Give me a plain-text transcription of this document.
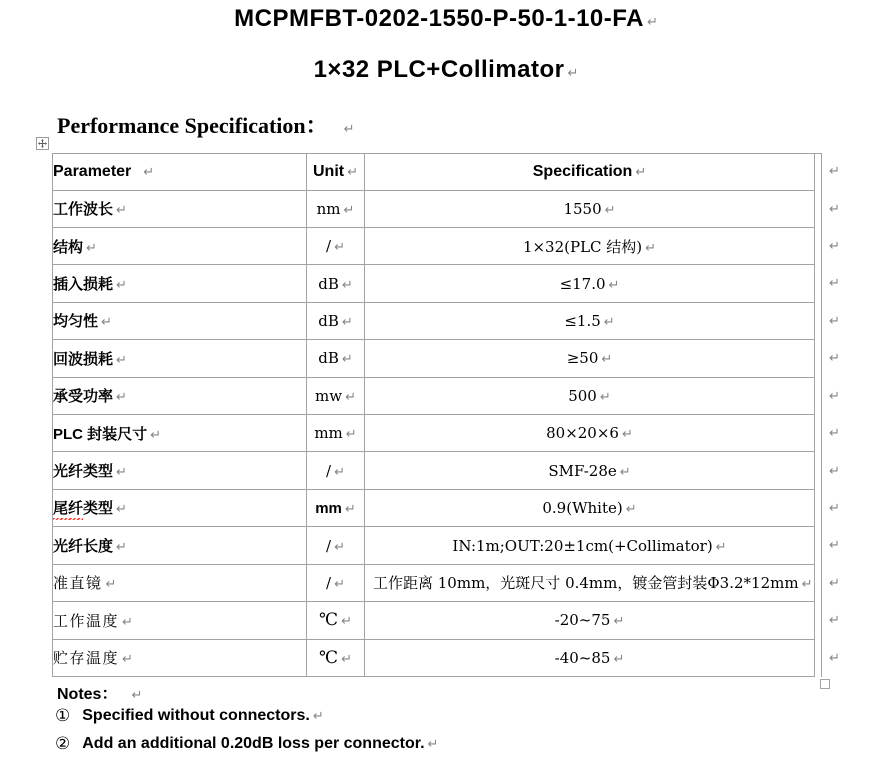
MCPMFBT-0202-1550-P-50-1-10-FA ↵
1×32 PLC+Collimator ↵
Performance Specification： ↵
Parameter ↵	Unit ↵	Specification ↵
工作波长 ↵	nm ↵	1550 ↵
结构 ↵	/ ↵	1×32(PLC 结构) ↵
插入损耗 ↵	dB ↵	≤17.0 ↵
均匀性 ↵	dB ↵	≤1.5 ↵
回波损耗 ↵	dB ↵	≥50 ↵
承受功率 ↵	mw ↵	500 ↵
PLC 封装尺寸 ↵	mm ↵	80×20×6 ↵
光纤类型 ↵	/ ↵	SMF-28e ↵
尾纤类型 ↵	mm ↵	0.9(White) ↵
光纤长度 ↵	/ ↵	IN:1m;OUT:20±1cm(+Collimator) ↵
准直镜 ↵	/ ↵	工作距离 10mm，光斑尺寸 0.4mm，镀金管封装Φ3.2*12mm ↵
工作温度 ↵	℃ ↵	-20~75 ↵
贮存温度 ↵	℃ ↵	-40~85 ↵
↵
↵
↵
↵
↵
↵
↵
↵
↵
↵
↵
↵
↵
↵
Notes： ↵
① Specified without connectors. ↵
② Add an additional 0.20dB loss per connector. ↵
